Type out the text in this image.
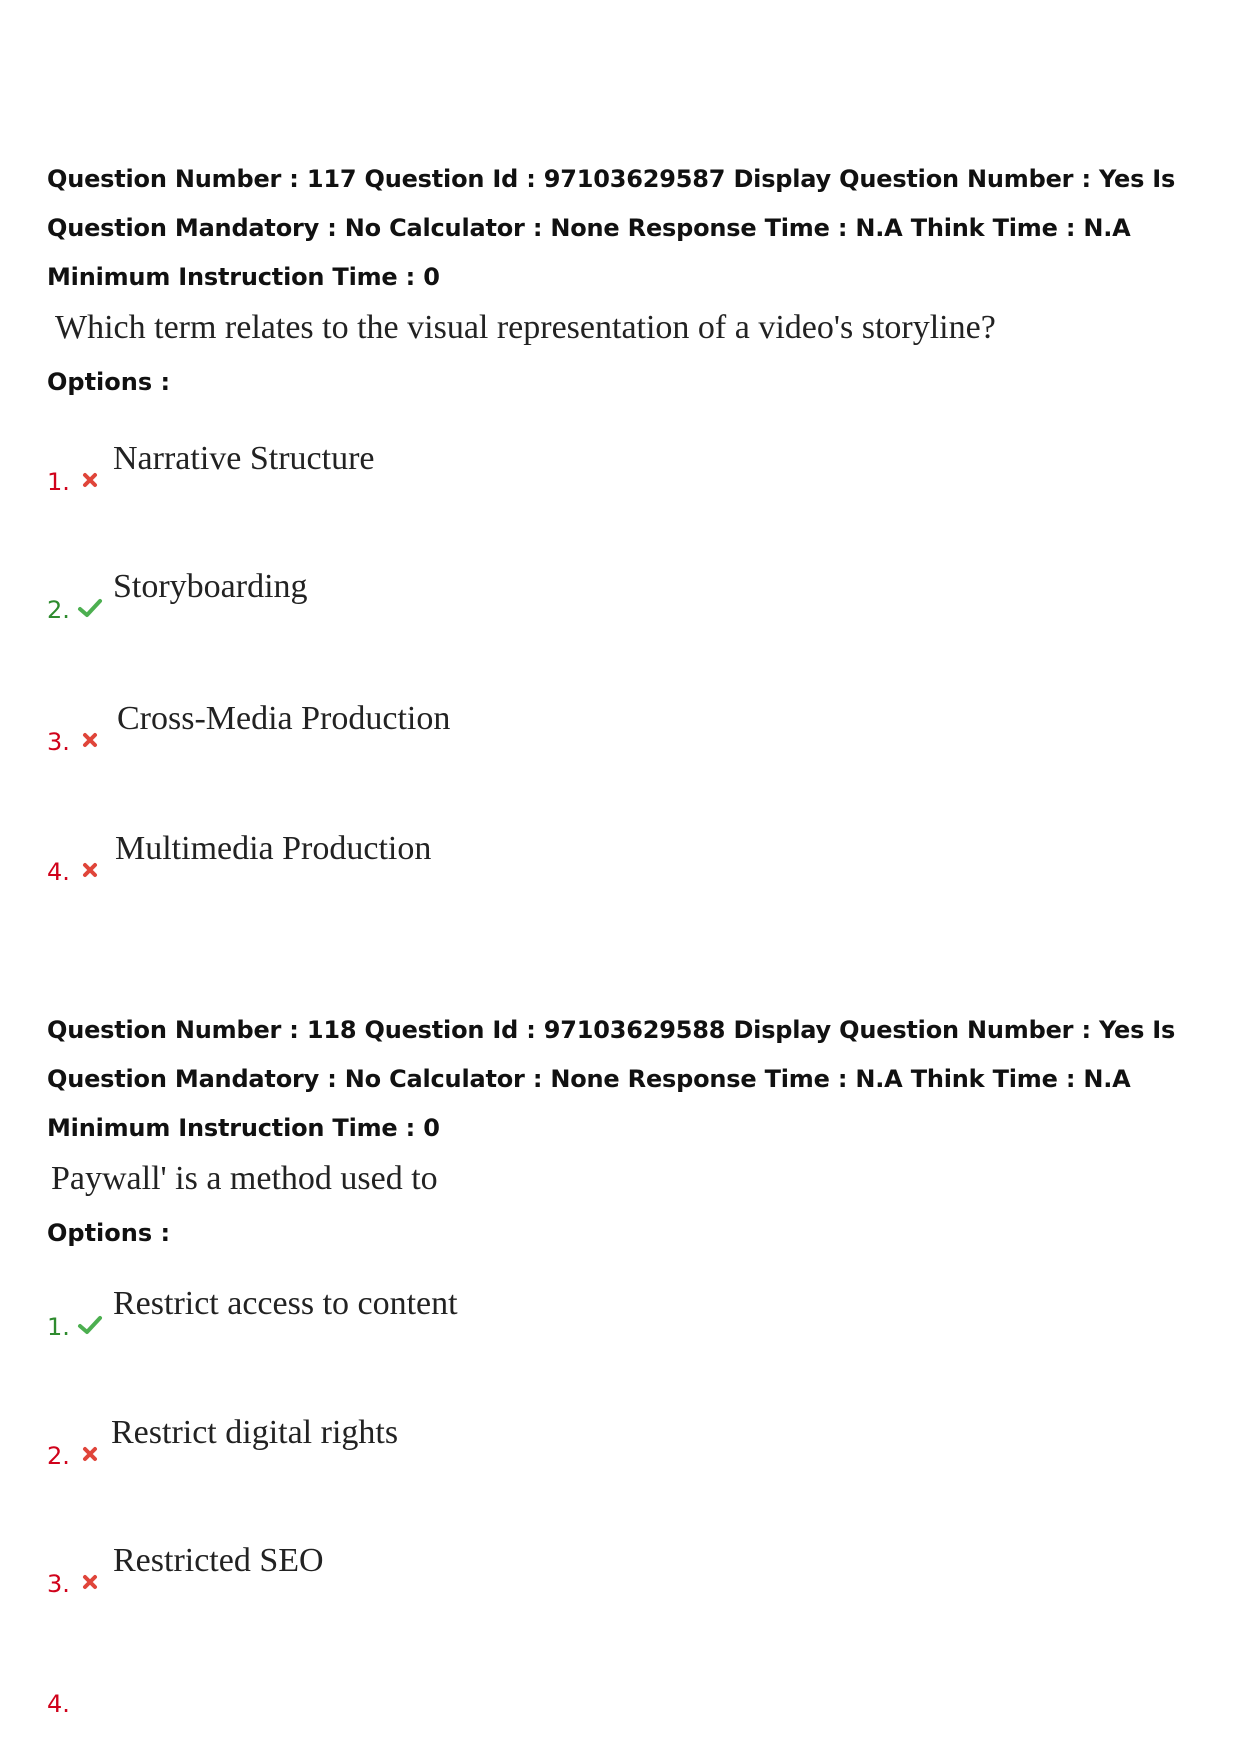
Question Number : 117 Question Id : 97103629587 Display Question Number : Yes Is Question Mandatory : No Calculator : None Response Time : N.A Think Time : N.A Minimum Instruction Time : 0

Which term relates to the visual representation of a video's storyline?

Options :

1.
Narrative Structure
2.
Storyboarding
3.
Cross-Media Production
4.
Multimedia Production

Question Number : 118 Question Id : 97103629588 Display Question Number : Yes Is Question Mandatory : No Calculator : None Response Time : N.A Think Time : N.A Minimum Instruction Time : 0

Paywall' is a method used to

Options :

1.
Restrict access to content
2.
Restrict digital rights
3.
Restricted SEO
4.
